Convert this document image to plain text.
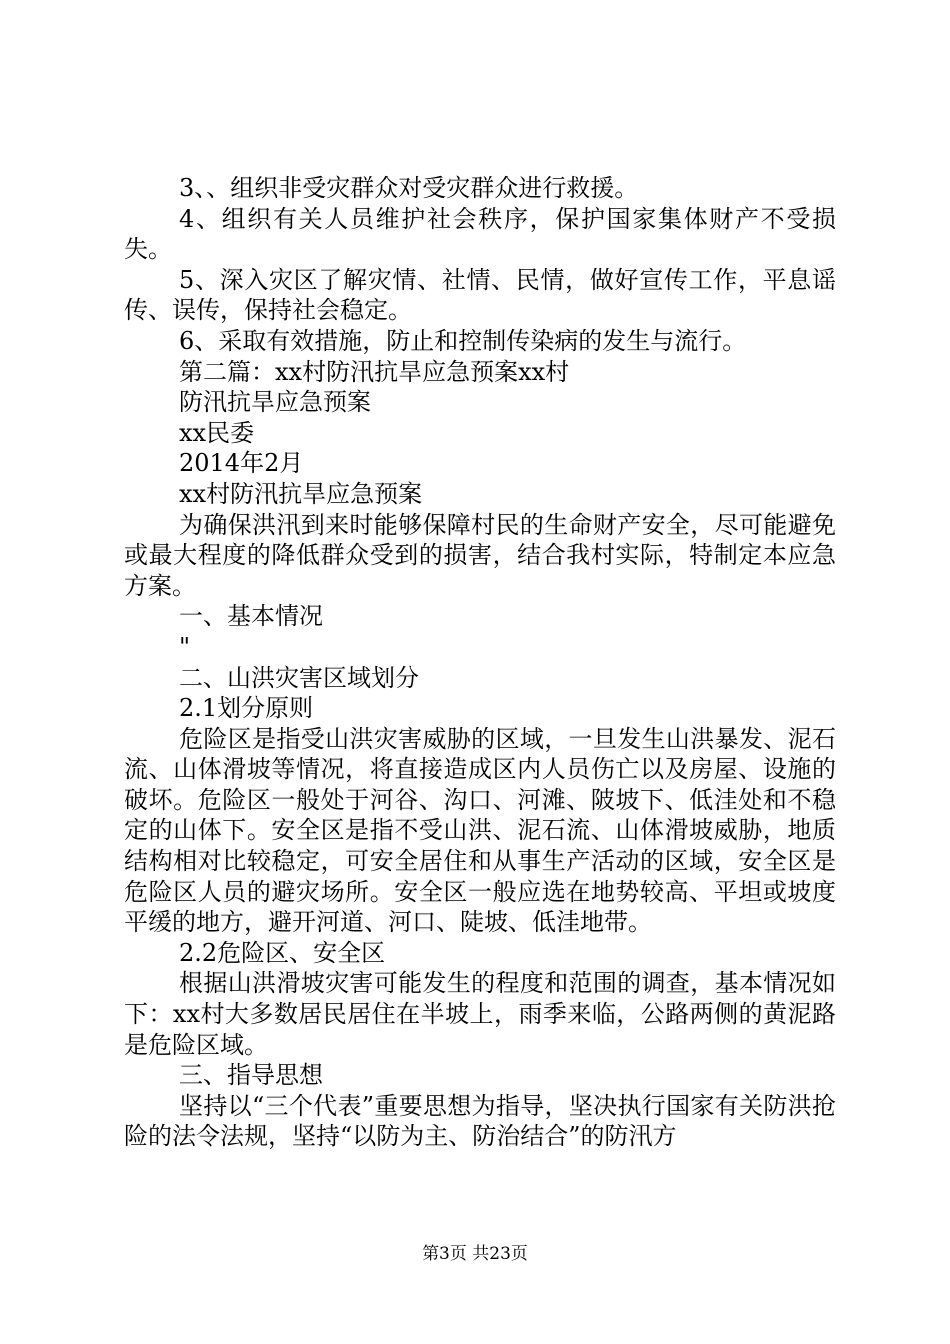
3、、组织非受灾群众对受灾群众进行救援。

4、组织有关人员维护社会秩序，保护国家集体财产不受损失。

5、深入灾区了解灾情、社情、民情，做好宣传工作，平息谣传、误传，保持社会稳定。

6、采取有效措施，防止和控制传染病的发生与流行。

第二篇：xx村防汛抗旱应急预案xx村

防汛抗旱应急预案

xx民委

2014年2月

xx村防汛抗旱应急预案

为确保洪汛到来时能够保障村民的生命财产安全，尽可能避免或最大程度的降低群众受到的损害，结合我村实际，特制定本应急方案。

一、基本情况

"

二、山洪灾害区域划分

2.1划分原则

危险区是指受山洪灾害威胁的区域，一旦发生山洪暴发、泥石流、山体滑坡等情况，将直接造成区内人员伤亡以及房屋、设施的破坏。危险区一般处于河谷、沟口、河滩、陂坡下、低洼处和不稳定的山体下。安全区是指不受山洪、泥石流、山体滑坡威胁，地质结构相对比较稳定，可安全居住和从事生产活动的区域，安全区是危险区人员的避灾场所。安全区一般应选在地势较高、平坦或坡度平缓的地方，避开河道、河口、陡坡、低洼地带。

2.2危险区、安全区

根据山洪滑坡灾害可能发生的程度和范围的调查，基本情况如下：xx村大多数居民居住在半坡上，雨季来临，公路两侧的黄泥路是危险区域。

三、指导思想

坚持以“三个代表”重要思想为指导，坚决执行国家有关防洪抢险的法令法规，坚持“以防为主、防治结合”的防汛方

第3页 共23页
